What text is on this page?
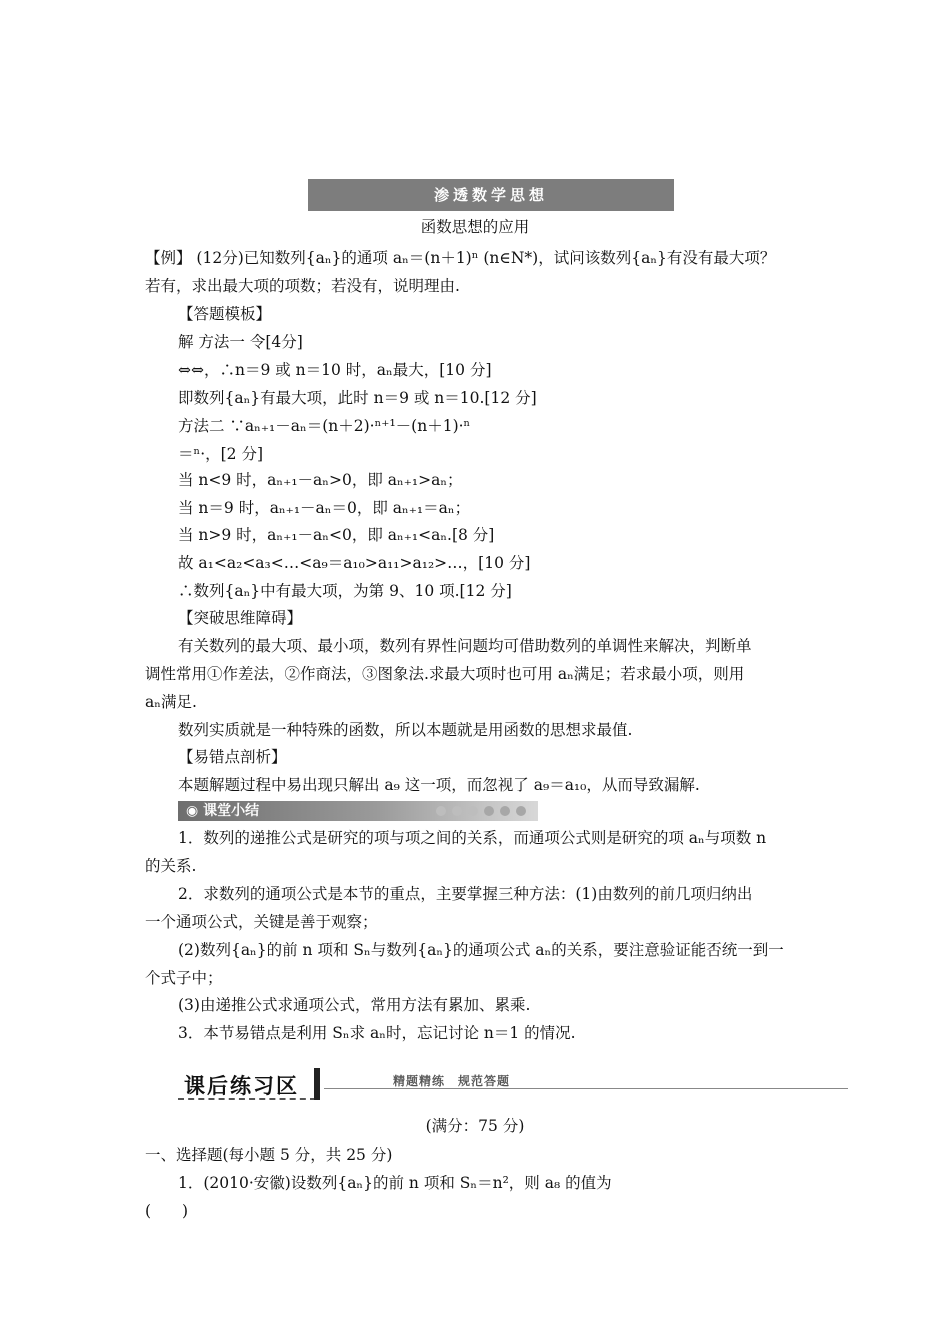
渗透数学思想
函数思想的应用
【例】 (12分)已知数列{aₙ}的通项 aₙ＝(n＋1)ⁿ (n∈N*)，试问该数列{aₙ}有没有最大项？
若有，求出最大项的项数；若没有，说明理由.
【答题模板】
解 方法一 令[4分]
⇔⇔，∴n＝9 或 n＝10 时，aₙ最大，[10 分]
即数列{aₙ}有最大项，此时 n＝9 或 n＝10.[12 分]
方法二 ∵aₙ₊₁－aₙ＝(n＋2)·ⁿ⁺¹－(n＋1)·ⁿ
＝ⁿ·，[2 分]
当 n<9 时，aₙ₊₁－aₙ>0，即 aₙ₊₁>aₙ；
当 n＝9 时，aₙ₊₁－aₙ＝0，即 aₙ₊₁＝aₙ；
当 n>9 时，aₙ₊₁－aₙ<0，即 aₙ₊₁<aₙ.[8 分]
故 a₁<a₂<a₃<…<a₉＝a₁₀>a₁₁>a₁₂>…，[10 分]
∴数列{aₙ}中有最大项，为第 9、10 项.[12 分]
【突破思维障碍】
有关数列的最大项、最小项，数列有界性问题均可借助数列的单调性来解决，判断单
调性常用①作差法，②作商法，③图象法.求最大项时也可用 aₙ满足；若求最小项，则用
aₙ满足.
数列实质就是一种特殊的函数，所以本题就是用函数的思想求最值.
【易错点剖析】
本题解题过程中易出现只解出 a₉ 这一项，而忽视了 a₉＝a₁₀，从而导致漏解.
1．数列的递推公式是研究的项与项之间的关系，而通项公式则是研究的项 aₙ与项数 n
的关系.
2．求数列的通项公式是本节的重点，主要掌握三种方法：(1)由数列的前几项归纳出
一个通项公式，关键是善于观察；
(2)数列{aₙ}的前 n 项和 Sₙ与数列{aₙ}的通项公式 aₙ的关系，要注意验证能否统一到一
个式子中；
(3)由递推公式求通项公式，常用方法有累加、累乘.
3．本节易错点是利用 Sₙ求 aₙ时，忘记讨论 n＝1 的情况.
一、选择题(每小题 5 分，共 25 分)
1．(2010·安徽)设数列{aₙ}的前 n 项和 Sₙ＝n²，则 a₈ 的值为
(　　)
◉ 课堂小结
课后练习区	精题精练　规范答题
(满分：75 分)
